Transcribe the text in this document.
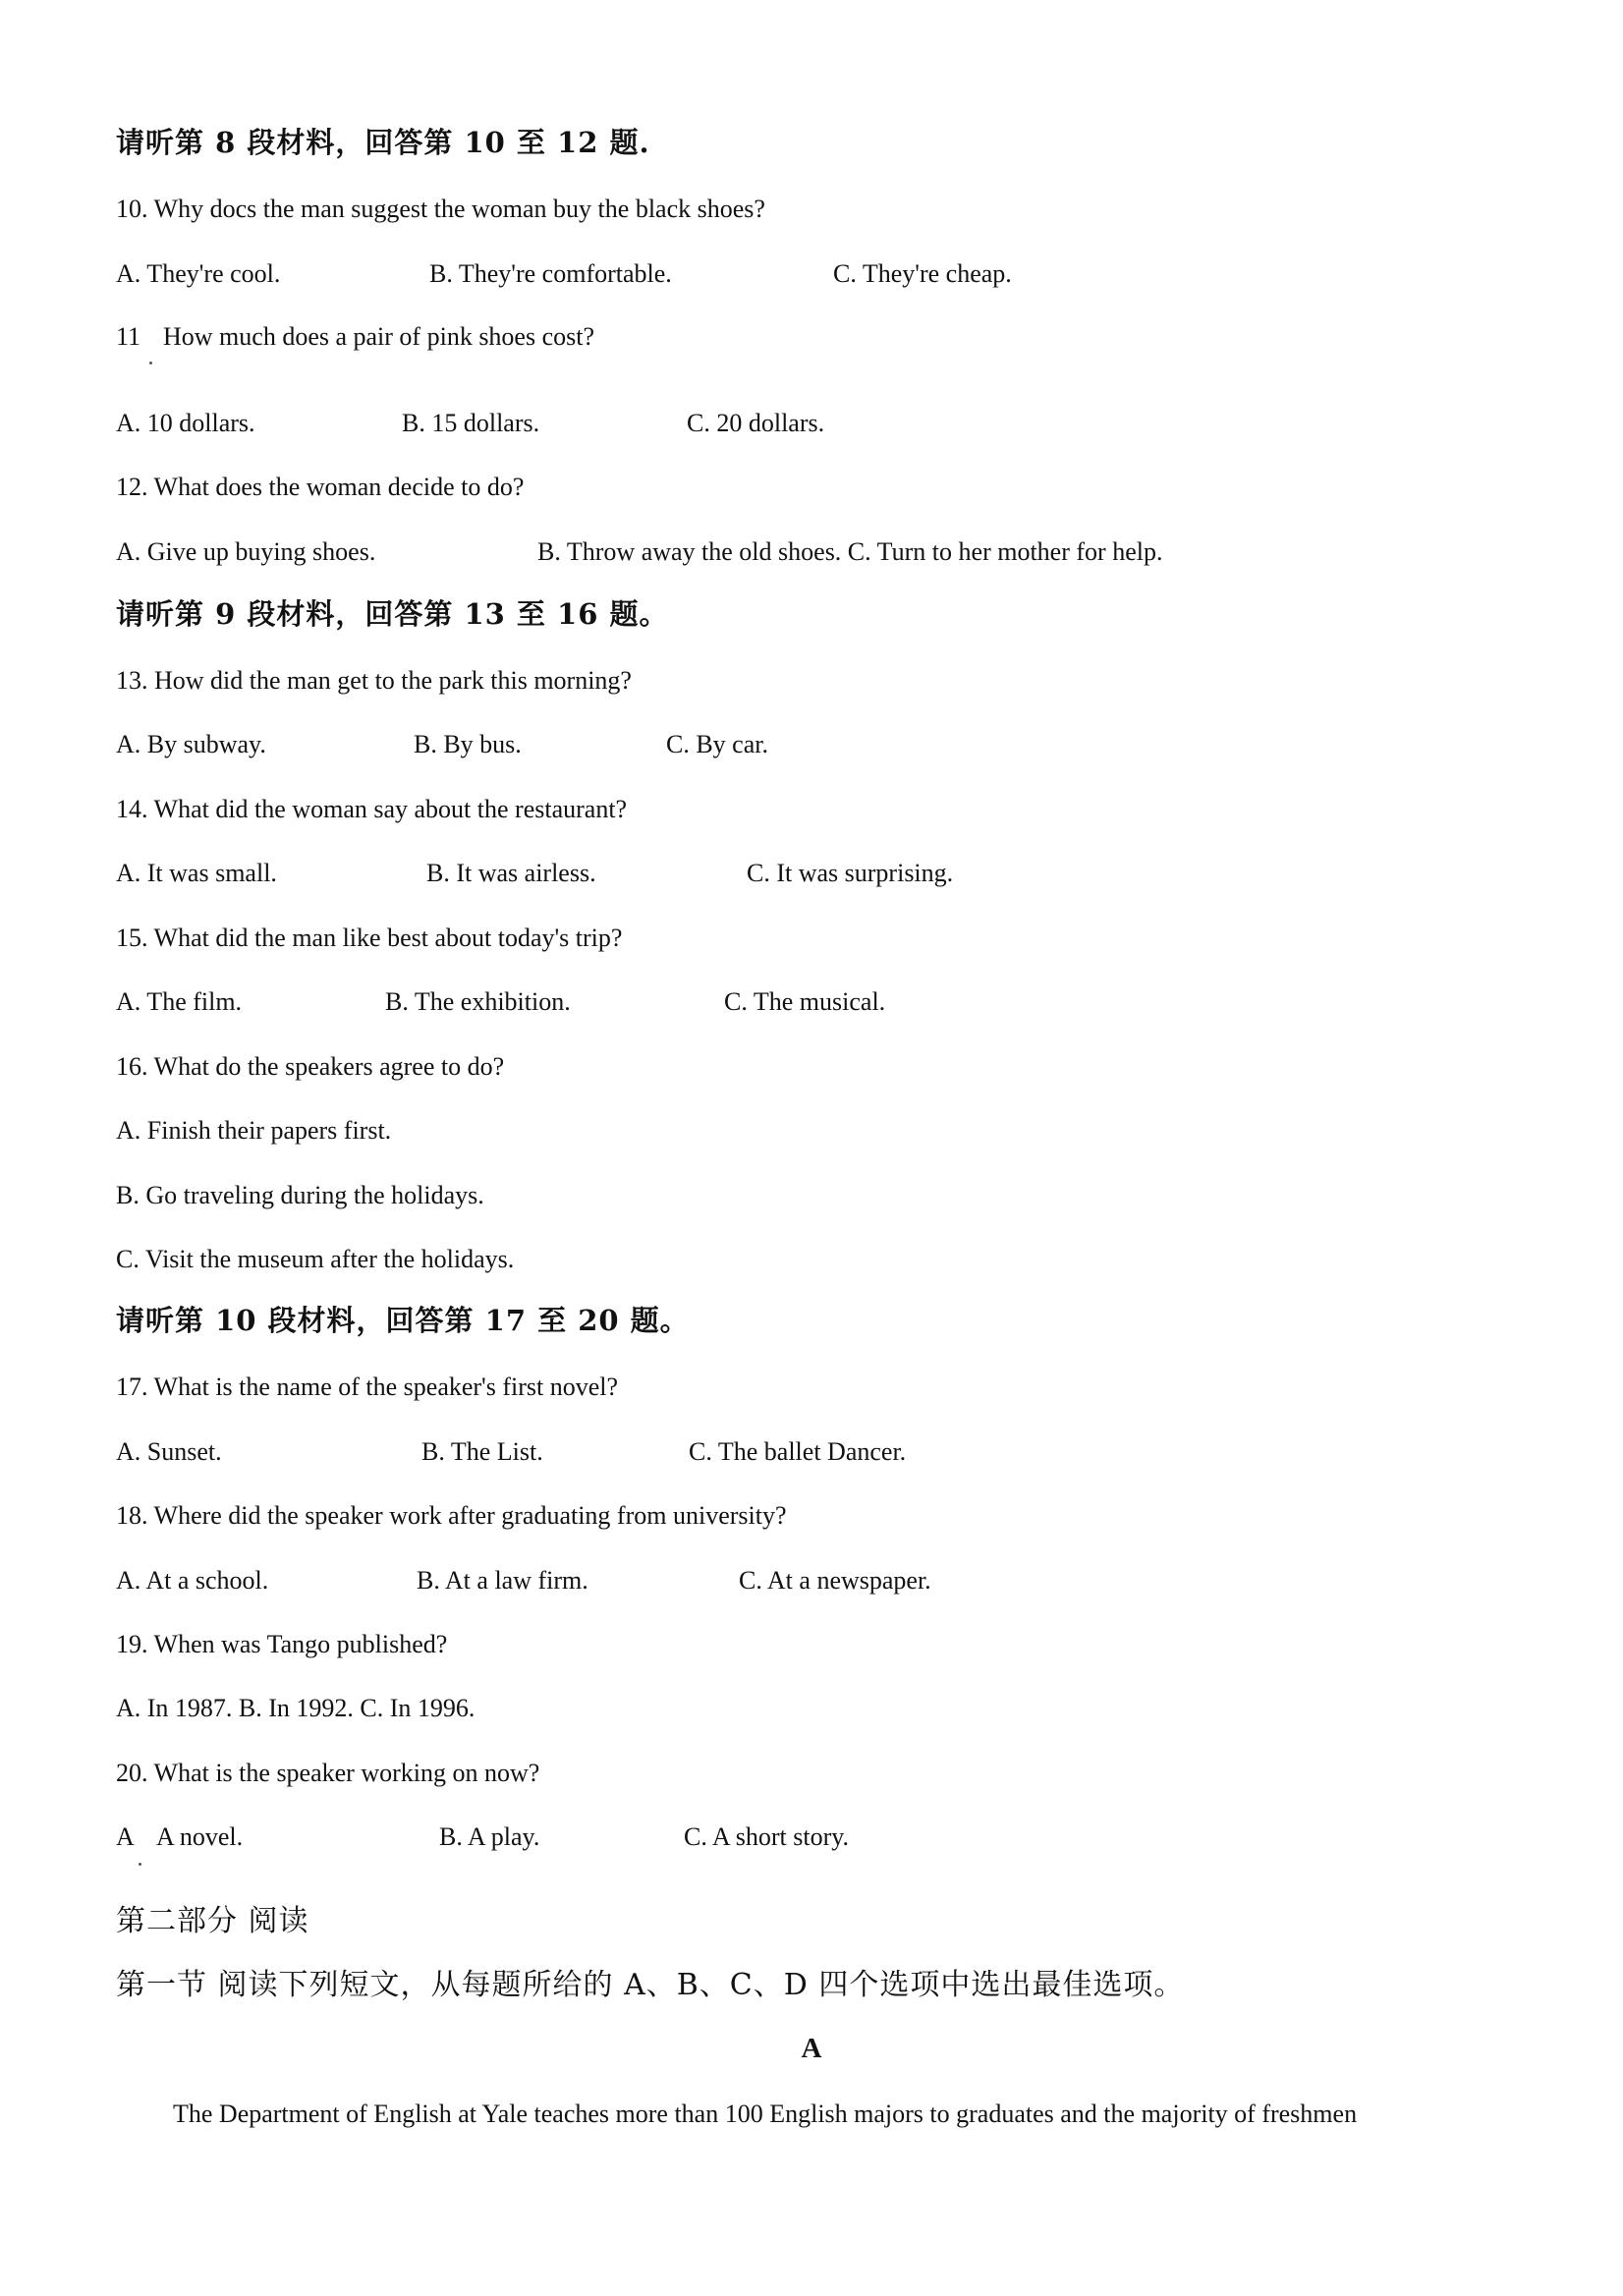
请听第 8 段材料，回答第 10 至 12 题.
10. Why docs the man suggest the woman buy the black shoes?
A. They're cool.	B. They're comfortable.	C. They're cheap.
11 How much does a pair of pink shoes cost?
A. 10 dollars.	B. 15 dollars.	C. 20 dollars.
12. What does the woman decide to do?
A. Give up buying shoes.	B. Throw away the old shoes. C. Turn to her mother for help.
请听第 9 段材料，回答第 13 至 16 题。
13. How did the man get to the park this morning?
A. By subway.	B. By bus.	C. By car.
14. What did the woman say about the restaurant?
A. It was small.	B. It was airless.	C. It was surprising.
15. What did the man like best about today's trip?
A. The film.	B. The exhibition.	C. The musical.
16. What do the speakers agree to do?
A. Finish their papers first.
B. Go traveling during the holidays.
C. Visit the museum after the holidays.
请听第 10 段材料，回答第 17 至 20 题。
17. What is the name of the speaker's first novel?
A. Sunset.	B. The List.	C. The ballet Dancer.
18. Where did the speaker work after graduating from university?
A. At a school.	B. At a law firm.	C. At a newspaper.
19. When was Tango published?
A. In 1987. B. In 1992. C. In 1996.
20. What is the speaker working on now?
A A novel.	B. A play.	C. A short story.
第二部分 阅读
第一节 阅读下列短文，从每题所给的 A、B、C、D 四个选项中选出最佳选项。
A
The Department of English at Yale teaches more than 100 English majors to graduates and the majority of freshmen
